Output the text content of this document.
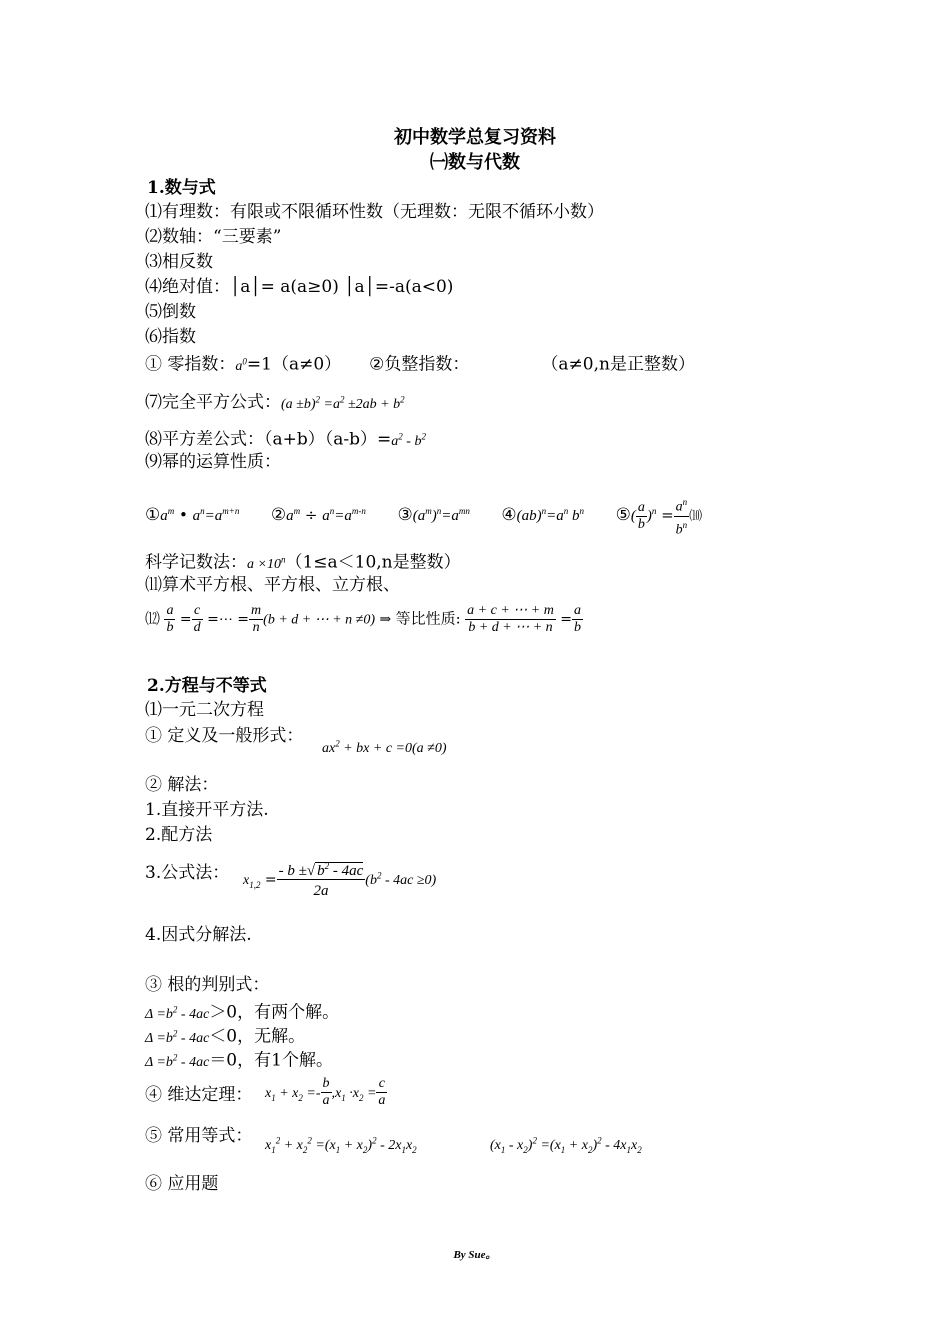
初中数学总复习资料
㈠数与代数
1.数与式
⑴有理数：有限或不限循环性数（无理数：无限不循环小数）
⑵数轴：“三要素”
⑶相反数
⑷绝对值：│a│= a(a≥0) │a│=-a(a<0)
⑸倒数
⑹指数
① 零指数：$a^0=1(a\ne 0)$ ②负整指数：	（a≠0,n是正整数）
⑺完全平方公式：$(a \pm b)^2 =a^2 \pm 2ab + b^2$
⑻平方差公式：$(a+b)(a-b)=a^2 - b^2$
⑼幂的运算性质：
$①a^m$ • $a^n=a^{m+n}$ $②a^m \div a^n=a^{m-n}$ $③(a^m)^n=a^{mn}$ $④(ab)^n=a^n$ $b^n$ ⑤( $\frac{a}{b} )^n = \frac{a^n}{b^n}$ ⑽
科学记数法：$a \times 10^n(1\le a<10,n$是整数）
⑾算术平方根、平方根、立方根、
⑿ $\frac{a}{b} = \frac{c}{d}$ =⋯ = $\frac{m}{n} (b + d$ + ⋯ + n ≠0) ⇒ 等比性质: $\frac{a + c + \cdots + m}{b + d + \cdots + n} = \frac{a}{b}$
2.方程与不等式
⑴一元二次方程
① 定义及一般形式：
$ax^2$ + bx + c =0(a ≠0)
② 解法：
1.直接开平方法.
2.配方法
3.公式法： $x_{1,2} = \frac{- b \pm√ b^2 - 4ac}{2a} (b^2 - 4ac \ge 0)$
4.因式分解法.
③ 根的判别式：
$\Delta =b^2 - 4ac>0$，有两个解。
$\Delta =b^2 - 4ac<0$，无解。
$\Delta =b^2 - 4ac=0$，有1个解。
④ 维达定理： $x_1 + x_2 =- \frac{b}{a} ,x_1 \cdot x_2 = \frac{c}{a}$
⑤ 常用等式： $x_1^2 + x_2^2 =(x_1 + x_2)^2 - 2x_1x_2$	$(x_1 - x_2)^2 =(x_1 + x_2)^2 - 4x_1x_2$
⑥ 应用题
By Sue。
